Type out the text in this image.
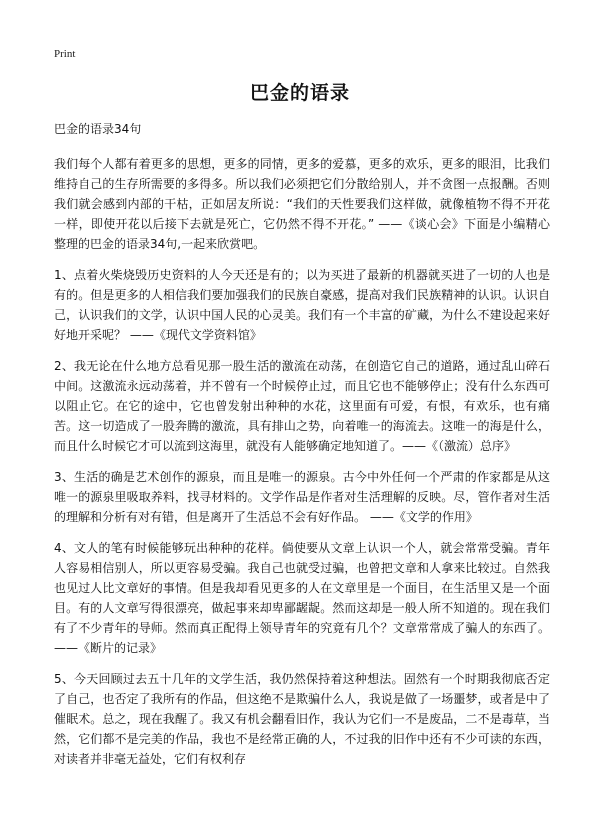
Print
巴金的语录

巴金的语录34句

我们每个人都有着更多的思想，更多的同情，更多的爱慕，更多的欢乐，更多的眼泪，比我们维持自己的生存所需要的多得多。所以我们必须把它们分散给别人，并不贪图一点报酬。否则我们就会感到内部的干枯，正如居友所说：“我们的天性要我们这样做，就像植物不得不开花一样，即使开花以后接下去就是死亡，它仍然不得不开花。” ——《谈心会》下面是小编精心整理的巴金的语录34句,一起来欣赏吧。

1、点着火柴烧毁历史资料的人今天还是有的；以为买进了最新的机器就买进了一切的人也是有的。但是更多的人相信我们要加强我们的民族自豪感，提高对我们民族精神的认识。认识自己，认识我们的文学，认识中国人民的心灵美。我们有一个丰富的矿藏，为什么不建设起来好好地开采呢？ ——《现代文学资料馆》

2、我无论在什么地方总看见那一股生活的激流在动荡，在创造它自己的道路，通过乱山碎石中间。这激流永远动荡着，并不曾有一个时候停止过，而且它也不能够停止；没有什么东西可以阻止它。在它的途中，它也曾发射出种种的水花，这里面有可爱，有恨，有欢乐，也有痛苦。这一切造成了一股奔腾的激流，具有排山之势，向着唯一的海流去。这唯一的海是什么，而且什么时候它才可以流到这海里，就没有人能够确定地知道了。——《（激流）总序》

3、生活的确是艺术创作的源泉，而且是唯一的源泉。古今中外任何一个严肃的作家都是从这唯一的源泉里吸取养料，找寻材料的。文学作品是作者对生活理解的反映。尽，管作者对生活的理解和分析有对有错，但是离开了生活总不会有好作品。 ——《文学的作用》

4、文人的笔有时候能够玩出种种的花样。倘使要从文章上认识一个人，就会常常受骗。青年人容易相信别人，所以更容易受骗。我自己也就受过骗，也曾把文章和人拿来比较过。自然我也见过人比文章好的事情。但是我却看见更多的人在文章里是一个面目，在生活里又是一个面目。有的人文章写得很漂亮，做起事来却卑鄙龌龊。然而这却是一般人所不知道的。现在我们有了不少青年的导师。然而真正配得上领导青年的究竟有几个？文章常常成了骗人的东西了。 ——《断片的记录》

5、今天回顾过去五十几年的文学生活，我仍然保持着这种想法。固然有一个时期我彻底否定了自己，也否定了我所有的作品，但这绝不是欺骗什么人，我说是做了一场噩梦，或者是中了催眠术。总之，现在我醒了。我又有机会翻看旧作，我认为它们一不是废品，二不是毒草，当然，它们都不是完美的作品，我也不是经常正确的人，不过我的旧作中还有不少可读的东西，对读者并非毫无益处，它们有权利存
